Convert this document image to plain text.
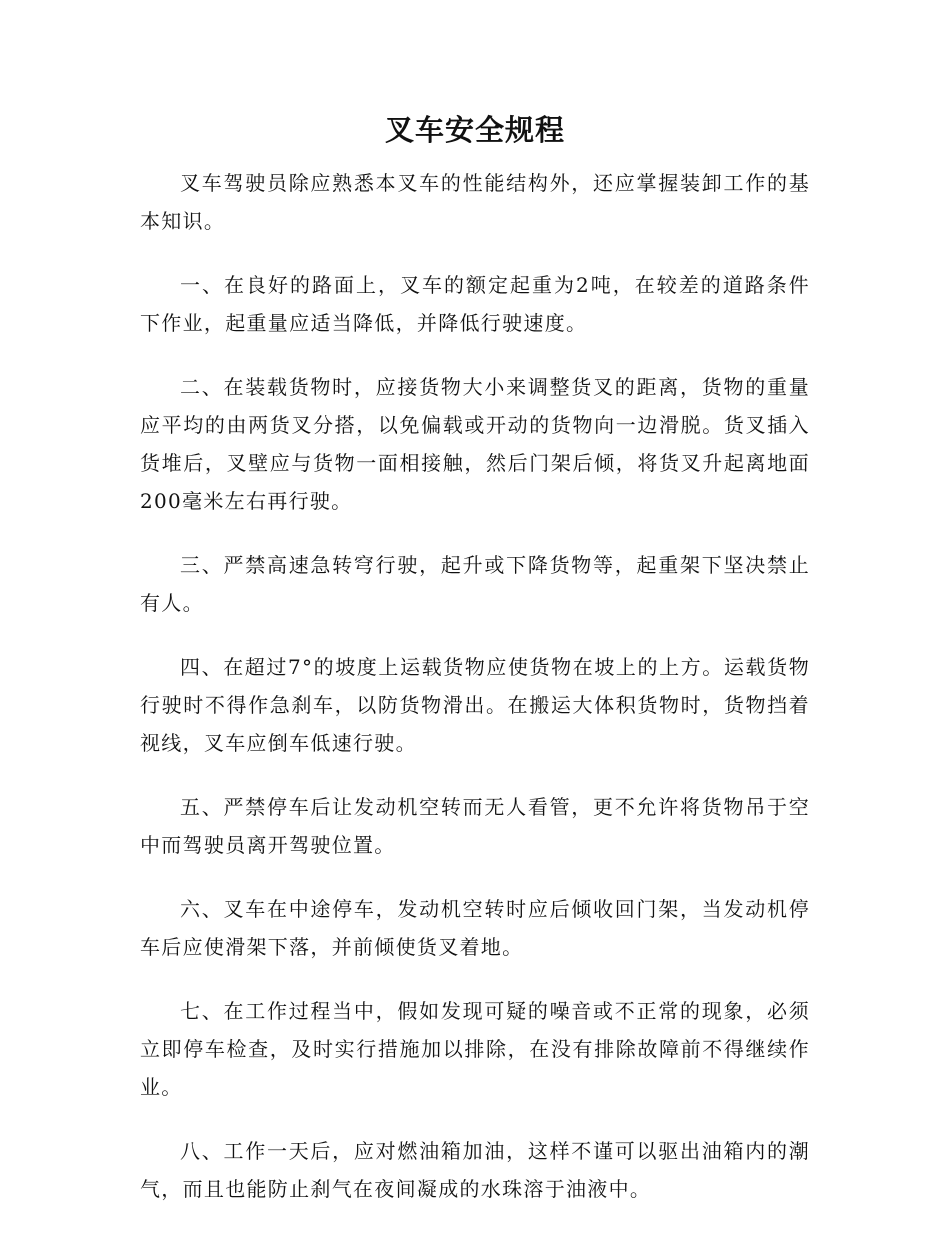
叉车安全规程

叉车驾驶员除应熟悉本叉车的性能结构外，还应掌握装卸工作的基本知识。

一、在良好的路面上，叉车的额定起重为2吨，在较差的道路条件下作业，起重量应适当降低，并降低行驶速度。

二、在装载货物时，应接货物大小来调整货叉的距离，货物的重量应平均的由两货叉分搭，以免偏载或开动的货物向一边滑脱。货叉插入货堆后，叉壁应与货物一面相接触，然后门架后倾，将货叉升起离地面200毫米左右再行驶。

三、严禁高速急转穹行驶，起升或下降货物等，起重架下坚决禁止有人。

四、在超过7°的坡度上运载货物应使货物在坡上的上方。运载货物行驶时不得作急刹车，以防货物滑出。在搬运大体积货物时，货物挡着视线，叉车应倒车低速行驶。

五、严禁停车后让发动机空转而无人看管，更不允许将货物吊于空中而驾驶员离开驾驶位置。

六、叉车在中途停车，发动机空转时应后倾收回门架，当发动机停车后应使滑架下落，并前倾使货叉着地。

七、在工作过程当中，假如发现可疑的噪音或不正常的现象，必须立即停车检查，及时实行措施加以排除，在没有排除故障前不得继续作业。

八、工作一天后，应对燃油箱加油，这样不谨可以驱出油箱内的潮气，而且也能防止刹气在夜间凝成的水珠溶于油液中。
